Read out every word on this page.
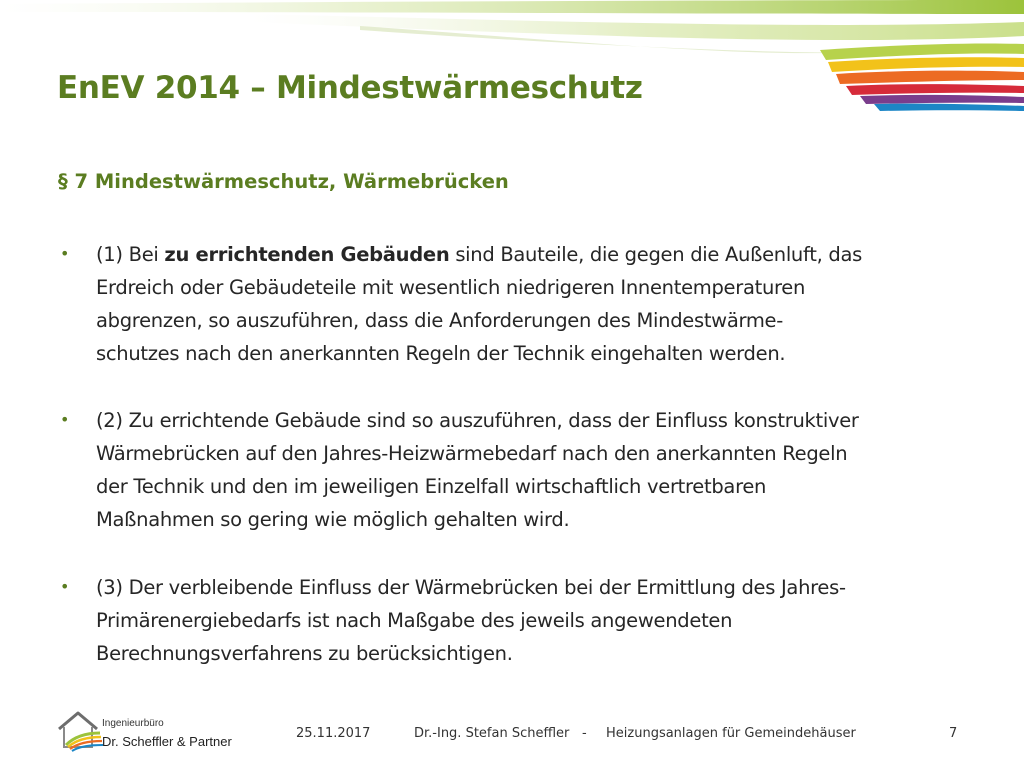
EnEV 2014 – Mindestwärmeschutz
§ 7 Mindestwärmeschutz, Wärmebrücken
• (1) Bei zu errichtenden Gebäuden sind Bauteile, die gegen die Außenluft, das
Erdreich oder Gebäudeteile mit wesentlich niedrigeren Innentemperaturen
abgrenzen, so auszuführen, dass die Anforderungen des Mindestwärme-
schutzes nach den anerkannten Regeln der Technik eingehalten werden.
• (2) Zu errichtende Gebäude sind so auszuführen, dass der Einfluss konstruktiver
Wärmebrücken auf den Jahres-Heizwärmebedarf nach den anerkannten Regeln
der Technik und den im jeweiligen Einzelfall wirtschaftlich vertretbaren
Maßnahmen so gering wie möglich gehalten wird.
• (3) Der verbleibende Einfluss der Wärmebrücken bei der Ermittlung des Jahres-
Primärenergiebedarfs ist nach Maßgabe des jeweils angewendeten
Berechnungsverfahrens zu berücksichtigen.
Ingenieurbüro
Dr. Scheffler & Partner
25.11.2017	Dr.-Ing. Stefan Scheffler - Heizungsanlagen für Gemeindehäuser	7
